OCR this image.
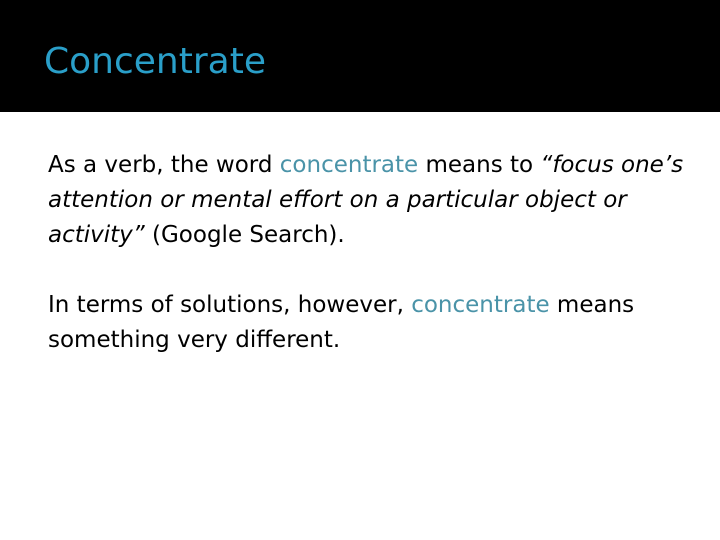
Concentrate

As a verb, the word concentrate means to “focus one’s attention or mental effort on a particular object or activity” (Google Search).

In terms of solutions, however, concentrate means something very different.
